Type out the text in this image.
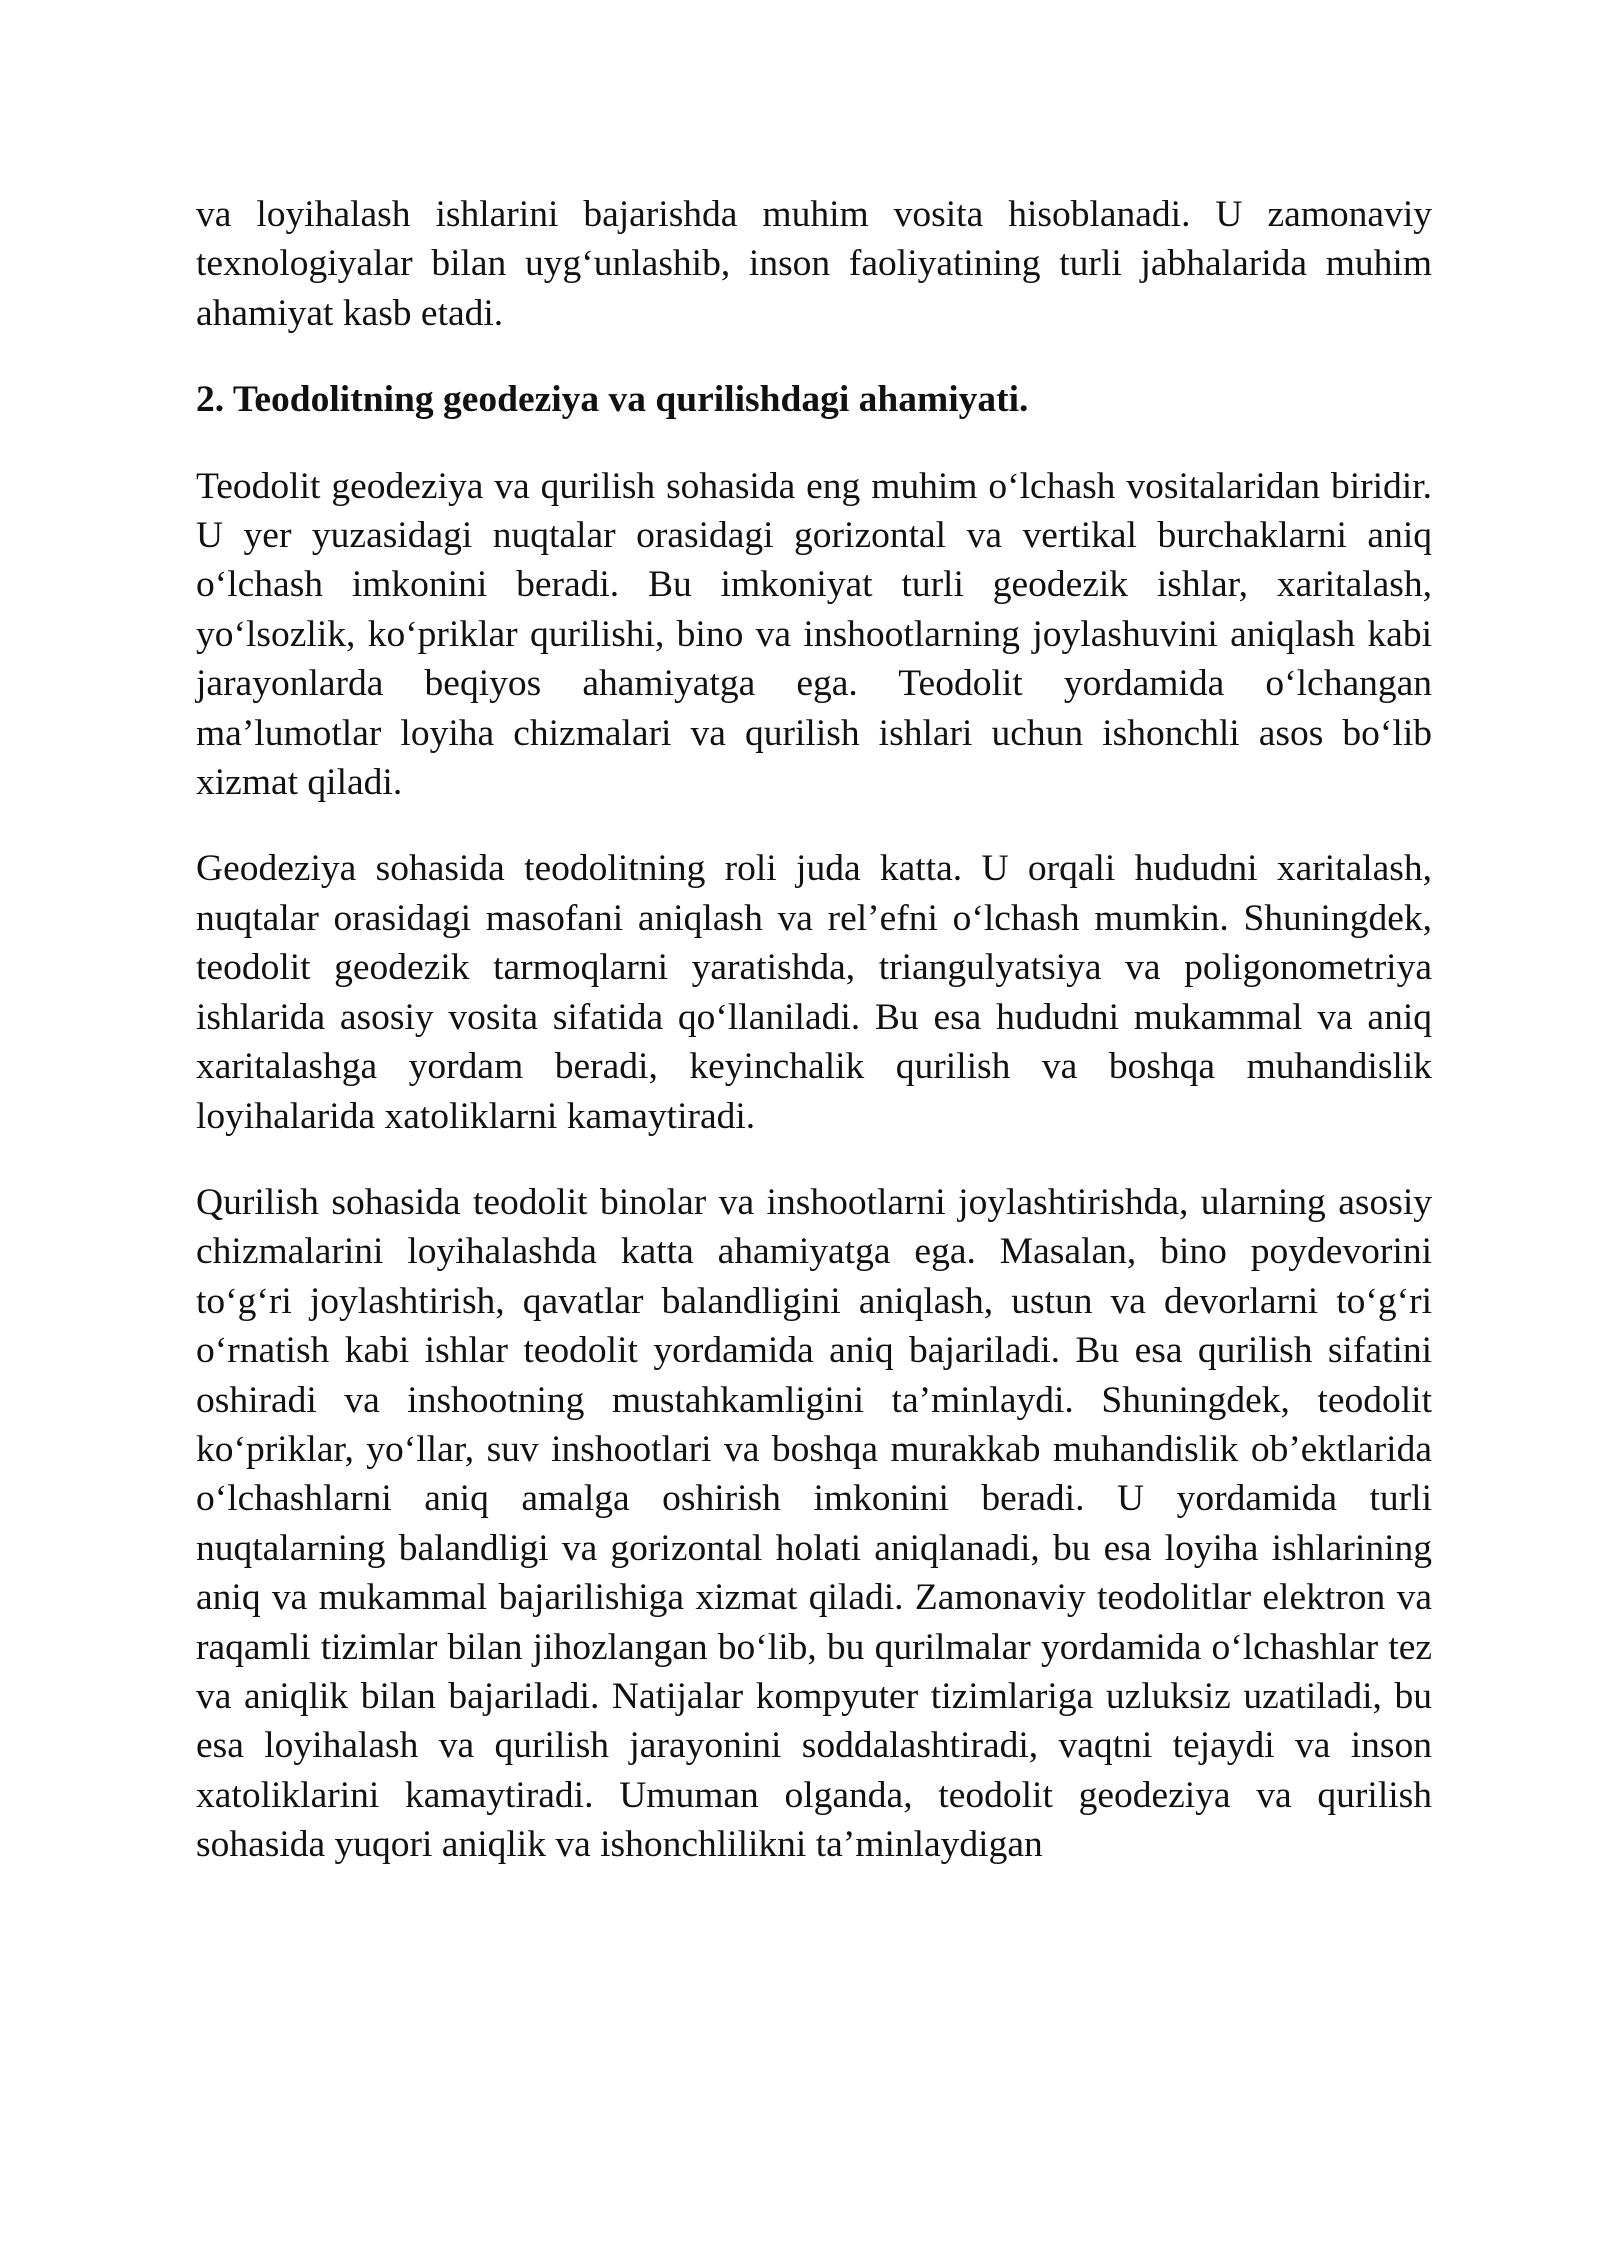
va loyihalash ishlarini bajarishda muhim vosita hisoblanadi. U zamonaviy texnologiyalar bilan uyg‘unlashib, inson faoliyatining turli jabhalarida muhim ahamiyat kasb etadi.

2. Teodolitning geodeziya va qurilishdagi ahamiyati.

Teodolit geodeziya va qurilish sohasida eng muhim o‘lchash vositalaridan biridir. U yer yuzasidagi nuqtalar orasidagi gorizontal va vertikal burchaklarni aniq o‘lchash imkonini beradi. Bu imkoniyat turli geodezik ishlar, xaritalash, yo‘lsozlik, ko‘priklar qurilishi, bino va inshootlarning joylashuvini aniqlash kabi jarayonlarda beqiyos ahamiyatga ega. Teodolit yordamida o‘lchangan ma’lumotlar loyiha chizmalari va qurilish ishlari uchun ishonchli asos bo‘lib xizmat qiladi.

Geodeziya sohasida teodolitning roli juda katta. U orqali hududni xaritalash, nuqtalar orasidagi masofani aniqlash va rel’efni o‘lchash mumkin. Shuningdek, teodolit geodezik tarmoqlarni yaratishda, triangulyatsiya va poligonometriya ishlarida asosiy vosita sifatida qo‘llaniladi. Bu esa hududni mukammal va aniq xaritalashga yordam beradi, keyinchalik qurilish va boshqa muhandislik loyihalarida xatoliklarni kamaytiradi.

Qurilish sohasida teodolit binolar va inshootlarni joylashtirishda, ularning asosiy chizmalarini loyihalashda katta ahamiyatga ega. Masalan, bino poydevorini to‘g‘ri joylashtirish, qavatlar balandligini aniqlash, ustun va devorlarni to‘g‘ri o‘rnatish kabi ishlar teodolit yordamida aniq bajariladi. Bu esa qurilish sifatini oshiradi va inshootning mustahkamligini ta’minlaydi. Shuningdek, teodolit ko‘priklar, yo‘llar, suv inshootlari va boshqa murakkab muhandislik ob’ektlarida o‘lchashlarni aniq amalga oshirish imkonini beradi. U yordamida turli nuqtalarning balandligi va gorizontal holati aniqlanadi, bu esa loyiha ishlarining aniq va mukammal bajarilishiga xizmat qiladi. Zamonaviy teodolitlar elektron va raqamli tizimlar bilan jihozlangan bo‘lib, bu qurilmalar yordamida o‘lchashlar tez va aniqlik bilan bajariladi. Natijalar kompyuter tizimlariga uzluksiz uzatiladi, bu esa loyihalash va qurilish jarayonini soddalashtiradi, vaqtni tejaydi va inson xatoliklarini kamaytiradi. Umuman olganda, teodolit geodeziya va qurilish sohasida yuqori aniqlik va ishonchlilikni ta’minlaydigan
